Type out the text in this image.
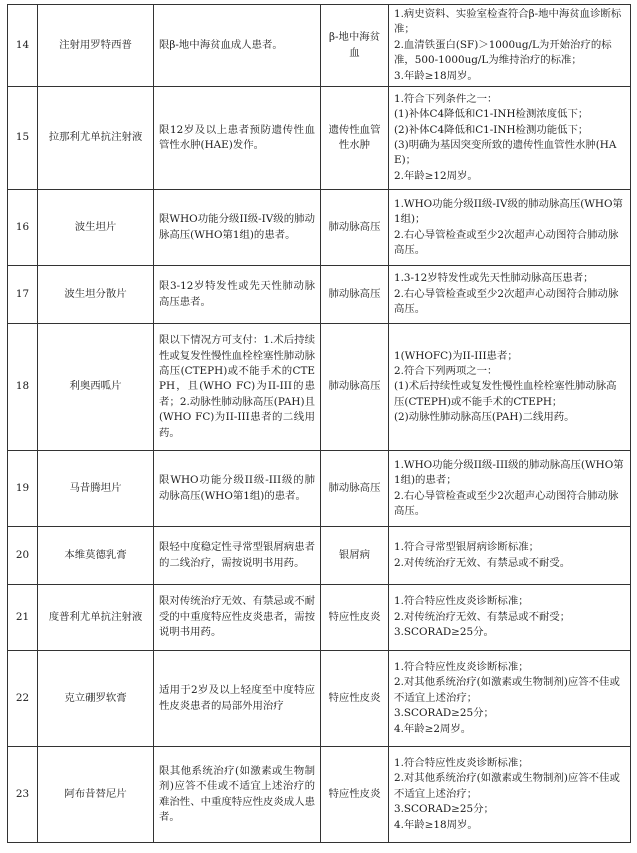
14	注射用罗特西普	限β-地中海贫血成人患者。	β-地中海贫血	1.病史资料、实验室检查符合β-地中海贫血诊断标准；
2.血清铁蛋白(SF)＞1000ug/L为开始治疗的标准，500-1000ug/L为维持治疗的标准；
3.年龄≥18周岁。

15	拉那利尤单抗注射液	限12岁及以上患者预防遗传性血管性水肿(HAE)发作。	遗传性血管性水肿	1.符合下列条件之一：
(1)补体C4降低和C1-INH检测浓度低下；
(2)补体C4降低和C1-INH检测功能低下；
(3)明确为基因突变所致的遗传性血管性水肿(HAE)；
2.年龄≥12周岁。

16	波生坦片	限WHO功能分级II级-IV级的肺动脉高压(WHO第1组)的患者。	肺动脉高压	1.WHO功能分级II级-IV级的肺动脉高压(WHO第1组)；
2.右心导管检查或至少2次超声心动图符合肺动脉高压。

17	波生坦分散片	限3-12岁特发性或先天性肺动脉高压患者。	肺动脉高压	1.3-12岁特发性或先天性肺动脉高压患者；
2.右心导管检查或至少2次超声心动图符合肺动脉高压。

18	利奥西呱片	限以下情况方可支付：1.术后持续性或复发性慢性血栓栓塞性肺动脉高压(CTEPH)或不能手术的CTEPH，且(WHO FC)为II-III的患者；2.动脉性肺动脉高压(PAH)且(WHO FC)为II-III患者的二线用药。	肺动脉高压	1(WHOFC)为II-III患者；
2.符合下列两项之一：
(1)术后持续性或复发性慢性血栓栓塞性肺动脉高压(CTEPH)或不能手术的CTEPH；
(2)动脉性肺动脉高压(PAH)二线用药。

19	马昔腾坦片	限WHO功能分级II级-III级的肺动脉高压(WHO第1组)的患者。	肺动脉高压	1.WHO功能分级II级-III级的肺动脉高压(WHO第1组)的患者；
2.右心导管检查或至少2次超声心动图符合肺动脉高压。

20	本维莫德乳膏	限轻中度稳定性寻常型银屑病患者的二线治疗，需按说明书用药。	银屑病	1.符合寻常型银屑病诊断标准；
2.对传统治疗无效、有禁忌或不耐受。

21	度普利尤单抗注射液	限对传统治疗无效、有禁忌或不耐受的中重度特应性皮炎患者，需按说明书用药。	特应性皮炎	1.符合特应性皮炎诊断标准；
2.对传统治疗无效、有禁忌或不耐受；
3.SCORAD≥25分。

22	克立硼罗软膏	适用于2岁及以上轻度至中度特应性皮炎患者的局部外用治疗	特应性皮炎	1.符合特应性皮炎诊断标准；
2.对其他系统治疗(如激素或生物制剂)应答不佳或不适宜上述治疗；
3.SCORAD≥25分；
4.年龄≥2周岁。

23	阿布昔替尼片	限其他系统治疗(如激素或生物制剂)应答不佳或不适宜上述治疗的难治性、中重度特应性皮炎成人患者。	特应性皮炎	1.符合特应性皮炎诊断标准；
2.对其他系统治疗(如激素或生物制剂)应答不佳或不适宜上述治疗；
3.SCORAD≥25分；
4.年龄≥18周岁。
